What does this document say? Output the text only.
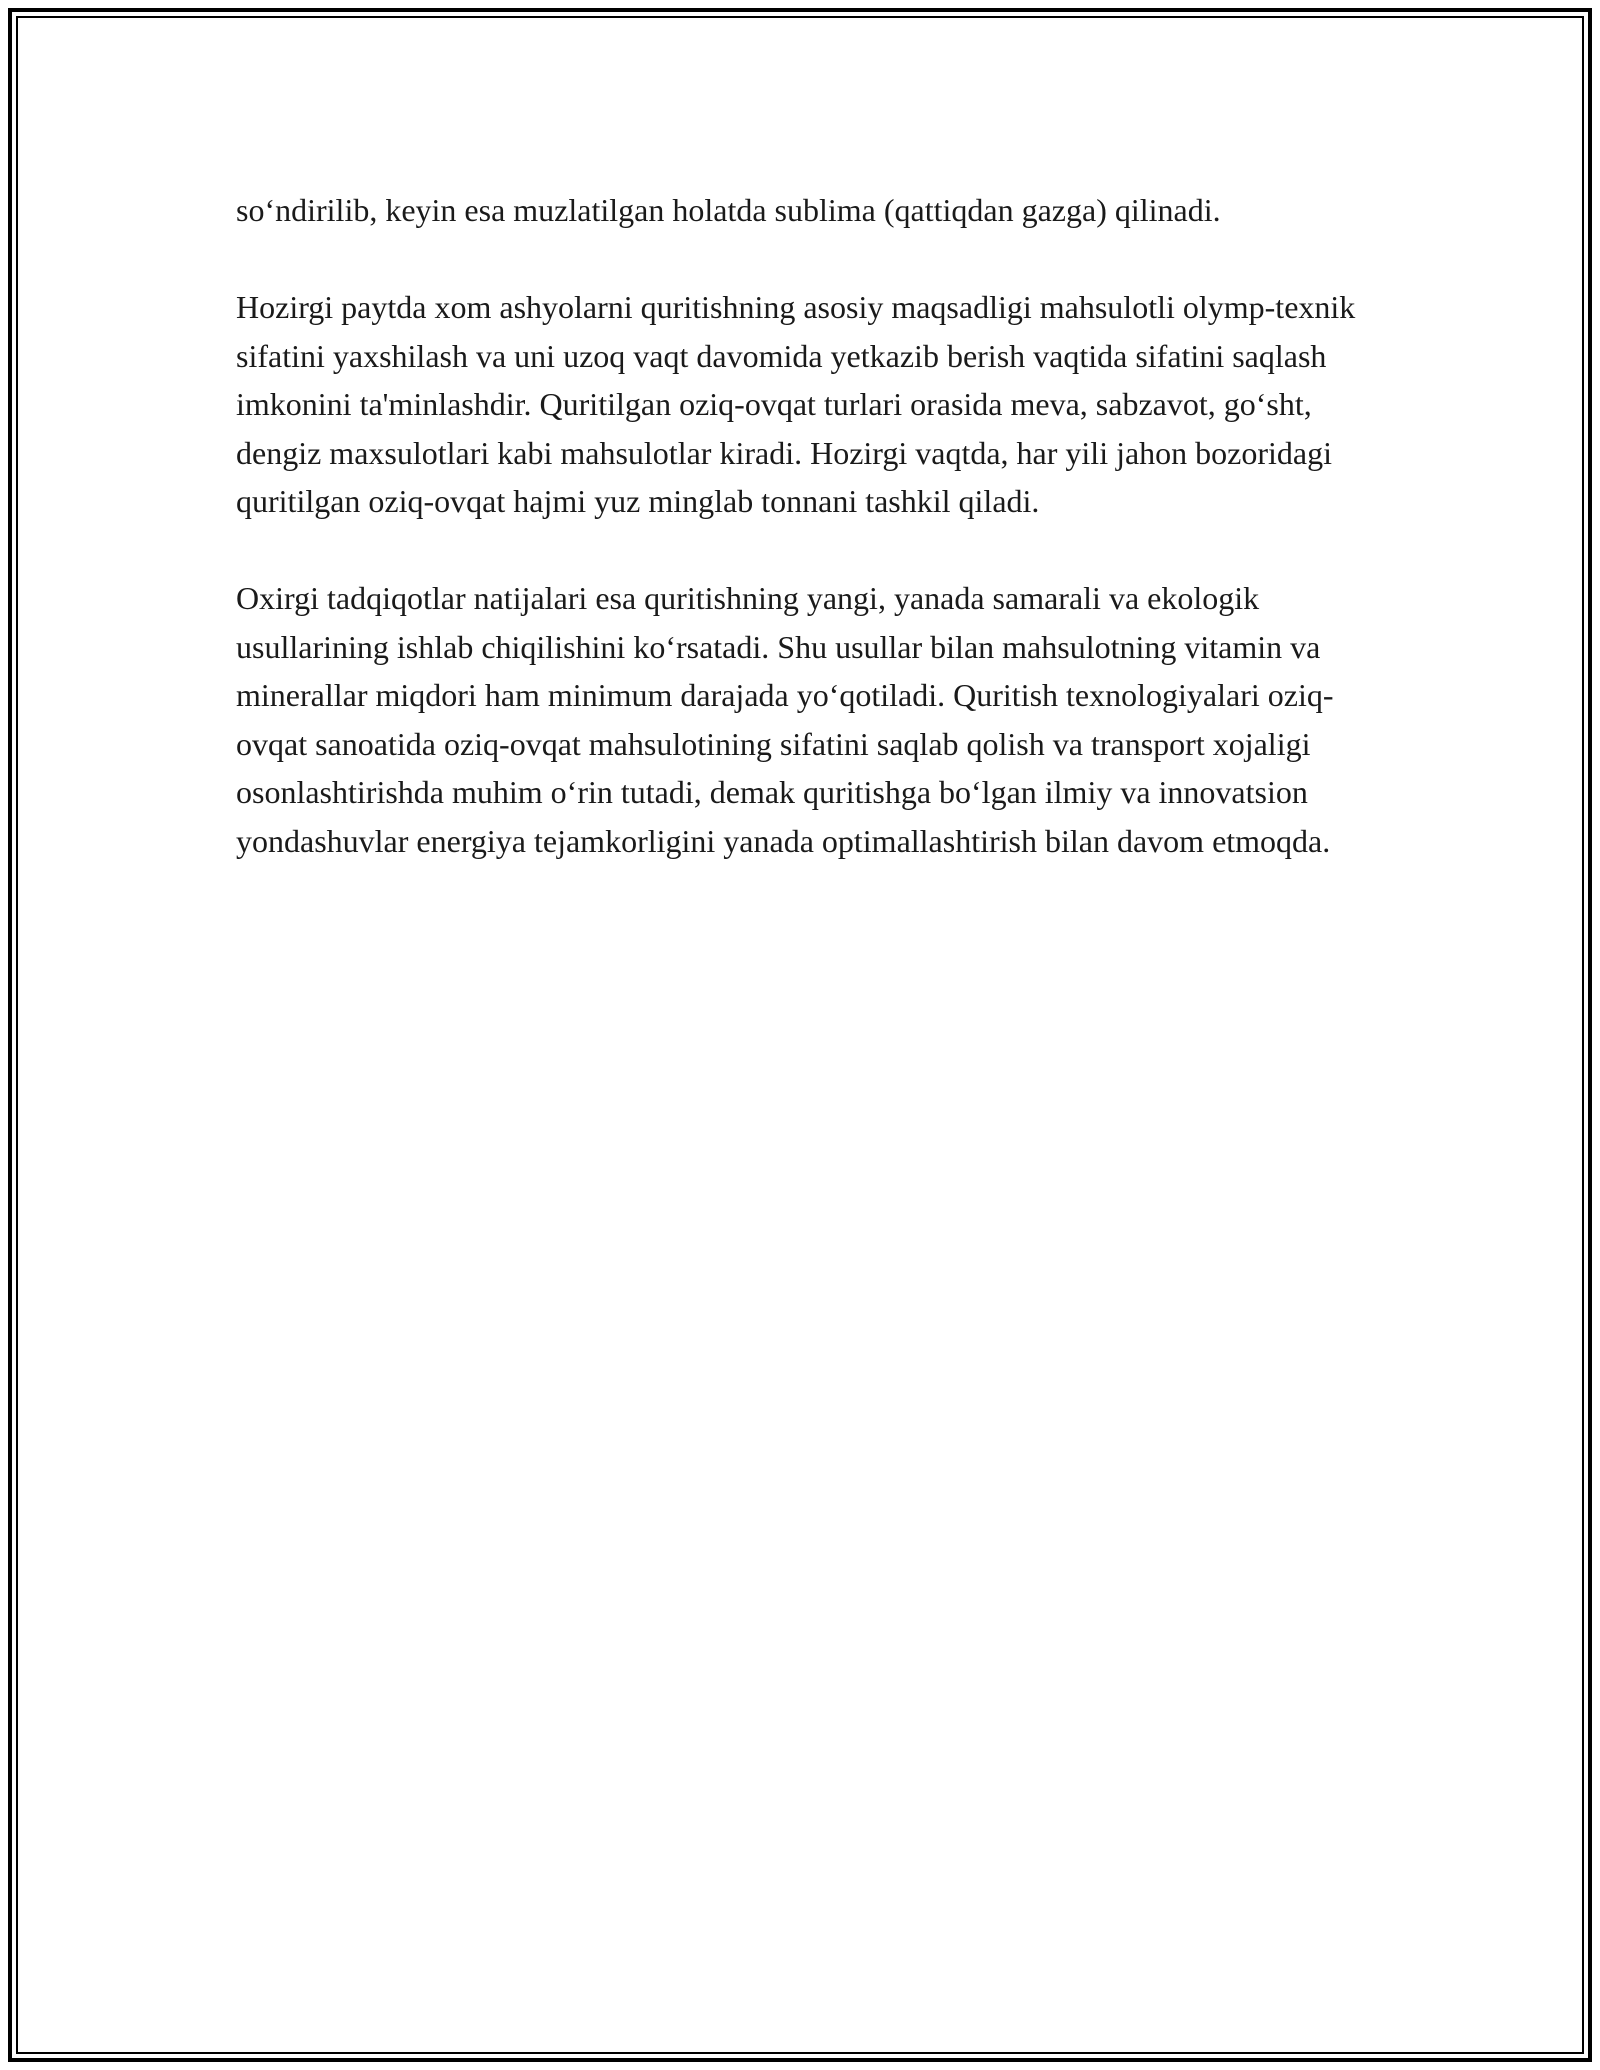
so‘ndirilib, keyin esa muzlatilgan holatda sublima (qattiqdan gazga) qilinadi.

Hozirgi paytda xom ashyolarni quritishning asosiy maqsadligi mahsulotli olymp-texnik sifatini yaxshilash va uni uzoq vaqt davomida yetkazib berish vaqtida sifatini saqlash imkonini ta'minlashdir. Quritilgan oziq-ovqat turlari orasida meva, sabzavot, go‘sht, dengiz maxsulotlari kabi mahsulotlar kiradi. Hozirgi vaqtda, har yili jahon bozoridagi quritilgan oziq-ovqat hajmi yuz minglab tonnani tashkil qiladi.

Oxirgi tadqiqotlar natijalari esa quritishning yangi, yanada samarali va ekologik usullarining ishlab chiqilishini ko‘rsatadi. Shu usullar bilan mahsulotning vitamin va minerallar miqdori ham minimum darajada yo‘qotiladi. Quritish texnologiyalari oziq-ovqat sanoatida oziq-ovqat mahsulotining sifatini saqlab qolish va transport xojaligi osonlashtirishda muhim o‘rin tutadi, demak quritishga bo‘lgan ilmiy va innovatsion yondashuvlar energiya tejamkorligini yanada optimallashtirish bilan davom etmoqda.
